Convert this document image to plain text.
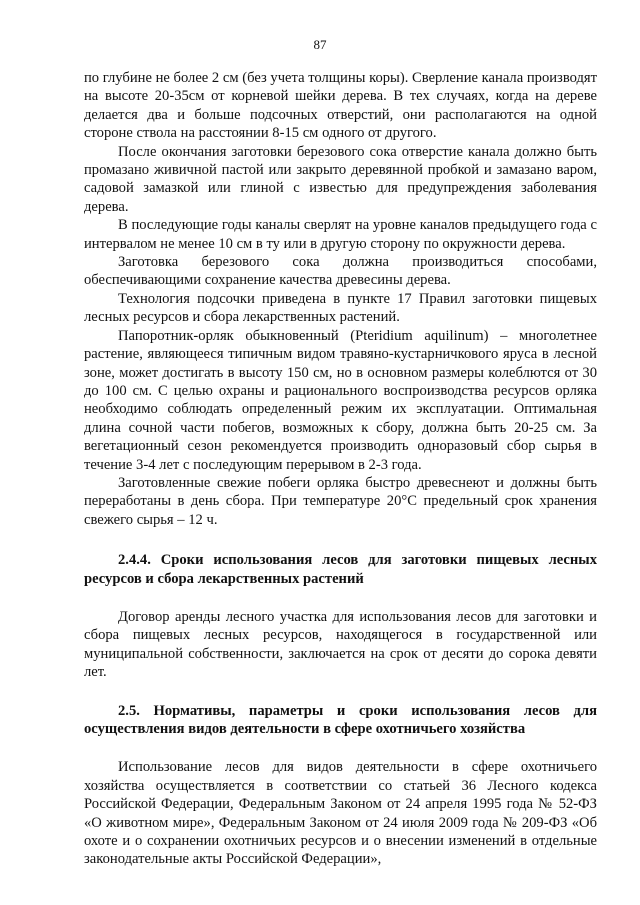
87

по глубине не более 2 см (без учета толщины коры). Сверление канала производят на высоте 20-35см от корневой шейки дерева. В тех случаях, когда на дереве делается два и больше подсочных отверстий, они располагаются на одной стороне ствола на расстоянии 8-15 см одного от другого.

После окончания заготовки березового сока отверстие канала должно быть промазано живичной пастой или закрыто деревянной пробкой и замазано варом, садовой замазкой или глиной с известью для предупреждения заболевания дерева.

В последующие годы каналы сверлят на уровне каналов предыдущего года с интервалом не менее 10 см в ту или в другую сторону по окружности дерева.

Заготовка березового сока должна производиться способами, обеспечивающими сохранение качества древесины дерева.

Технология подсочки приведена в пункте 17 Правил заготовки пищевых лесных ресурсов и сбора лекарственных растений.

Папоротник-орляк обыкновенный (Pteridium aquilinum) – многолетнее растение, являющееся типичным видом травяно-кустарничкового яруса в лесной зоне, может достигать в высоту 150 см, но в основном размеры колеблются от 30 до 100 см. С целью охраны и рационального воспроизводства ресурсов орляка необходимо соблюдать определенный режим их эксплуатации. Оптимальная длина сочной части побегов, возможных к сбору, должна быть 20-25 см. За вегетационный сезон рекомендуется производить одноразовый сбор сырья в течение 3-4 лет с последующим перерывом в 2-3 года.

Заготовленные свежие побеги орляка быстро древеснеют и должны быть переработаны в день сбора. При температуре 20°С предельный срок хранения свежего сырья – 12 ч.

2.4.4. Сроки использования лесов для заготовки пищевых лесных ресурсов и сбора лекарственных растений

Договор аренды лесного участка для использования лесов для заготовки и сбора пищевых лесных ресурсов, находящегося в государственной или муниципальной собственности, заключается на срок от десяти до сорока девяти лет.

2.5. Нормативы, параметры и сроки использования лесов для осуществления видов деятельности в сфере охотничьего хозяйства

Использование лесов для видов деятельности в сфере охотничьего хозяйства осуществляется в соответствии со статьей 36 Лесного кодекса Российской Федерации, Федеральным Законом от 24 апреля 1995 года № 52-ФЗ «О животном мире», Федеральным Законом от 24 июля 2009 года № 209-ФЗ «Об охоте и о сохранении охотничьих ресурсов и о внесении изменений в отдельные законодательные акты Российской Федерации»,
